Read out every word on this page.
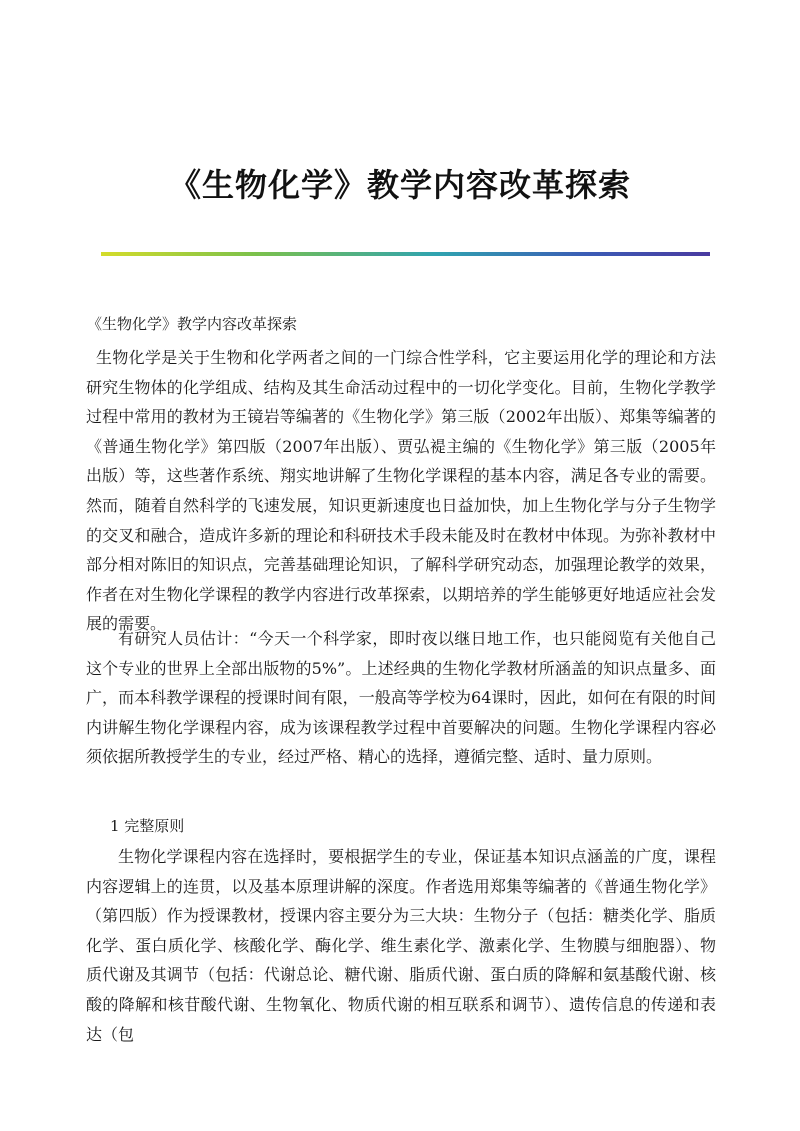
《生物化学》教学内容改革探索
《生物化学》教学内容改革探索
生物化学是关于生物和化学两者之间的一门综合性学科，它主要运用化学的理论和方法研究生物体的化学组成、结构及其生命活动过程中的一切化学变化。目前，生物化学教学过程中常用的教材为王镜岩等编著的《生物化学》第三版（2002年出版）、郑集等编著的《普通生物化学》第四版（2007年出版）、贾弘褆主编的《生物化学》第三版（2005年出版）等，这些著作系统、翔实地讲解了生物化学课程的基本内容，满足各专业的需要。然而，随着自然科学的飞速发展，知识更新速度也日益加快，加上生物化学与分子生物学的交叉和融合，造成许多新的理论和科研技术手段未能及时在教材中体现。为弥补教材中部分相对陈旧的知识点，完善基础理论知识，了解科学研究动态，加强理论教学的效果，作者在对生物化学课程的教学内容进行改革探索，以期培养的学生能够更好地适应社会发展的需要。
有研究人员估计：“今天一个科学家，即时夜以继日地工作，也只能阅览有关他自己这个专业的世界上全部出版物的5%”。上述经典的生物化学教材所涵盖的知识点量多、面广，而本科教学课程的授课时间有限，一般高等学校为64课时，因此，如何在有限的时间内讲解生物化学课程内容，成为该课程教学过程中首要解决的问题。生物化学课程内容必须依据所教授学生的专业，经过严格、精心的选择，遵循完整、适时、量力原则。
1 完整原则
生物化学课程内容在选择时，要根据学生的专业，保证基本知识点涵盖的广度，课程内容逻辑上的连贯，以及基本原理讲解的深度。作者选用郑集等编著的《普通生物化学》（第四版）作为授课教材，授课内容主要分为三大块：生物分子（包括：糖类化学、脂质化学、蛋白质化学、核酸化学、酶化学、维生素化学、激素化学、生物膜与细胞器）、物质代谢及其调节（包括：代谢总论、糖代谢、脂质代谢、蛋白质的降解和氨基酸代谢、核酸的降解和核苷酸代谢、生物氧化、物质代谢的相互联系和调节）、遗传信息的传递和表达（包
